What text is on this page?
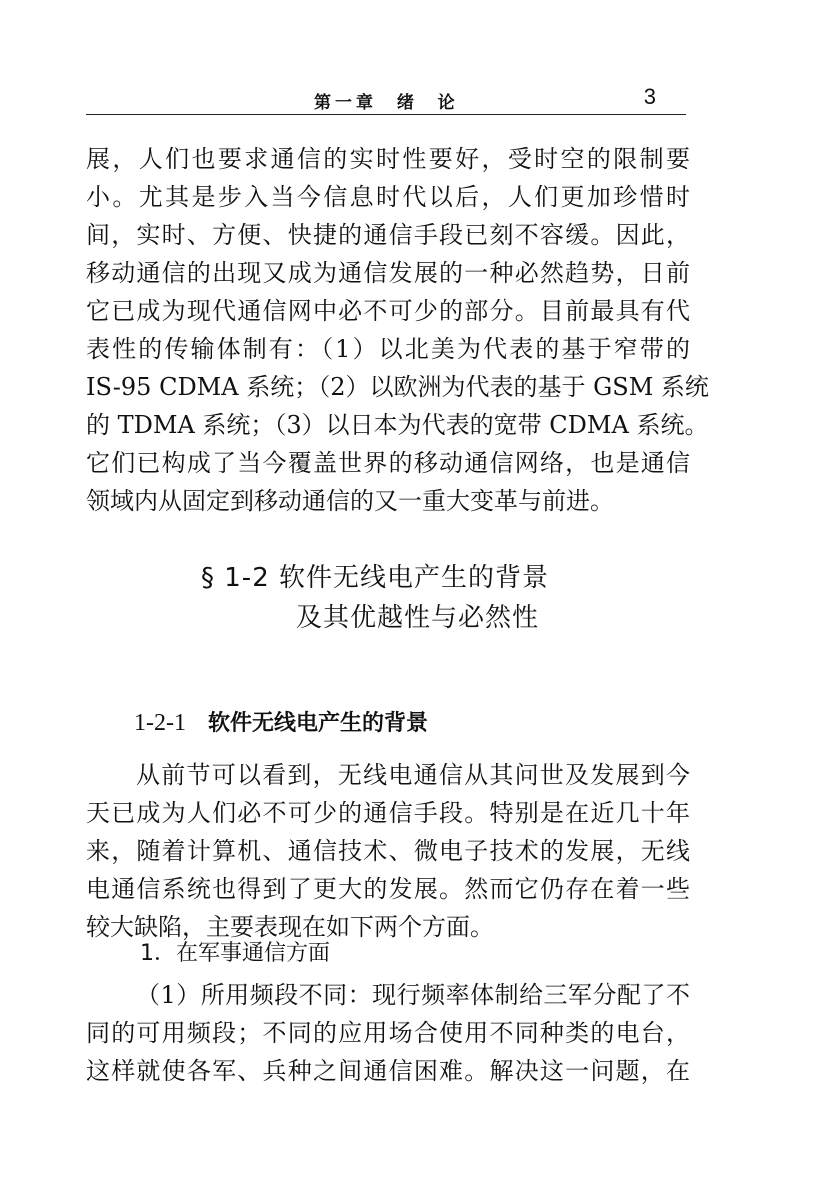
第一章  绪  论	3
展，人们也要求通信的实时性要好，受时空的限制要
小。尤其是步入当今信息时代以后，人们更加珍惜时
间，实时、方便、快捷的通信手段已刻不容缓。因此，
移动通信的出现又成为通信发展的一种必然趋势，日前
它已成为现代通信网中必不可少的部分。目前最具有代
表性的传输体制有：（1）以北美为代表的基于窄带的
IS-95 CDMA 系统；（2）以欧洲为代表的基于 GSM 系统
的 TDMA 系统；（3）以日本为代表的宽带 CDMA 系统。
它们已构成了当今覆盖世界的移动通信网络，也是通信
领域内从固定到移动通信的又一重大变革与前进。
§ 1-2 软件无线电产生的背景
及其优越性与必然性
1-2-1 软件无线电产生的背景
从前节可以看到，无线电通信从其问世及发展到今
天已成为人们必不可少的通信手段。特别是在近几十年
来，随着计算机、通信技术、微电子技术的发展，无线
电通信系统也得到了更大的发展。然而它仍存在着一些
较大缺陷，主要表现在如下两个方面。
1．在军事通信方面
（1）所用频段不同：现行频率体制给三军分配了不
同的可用频段；不同的应用场合使用不同种类的电台，
这样就使各军、兵种之间通信困难。解决这一问题，在
